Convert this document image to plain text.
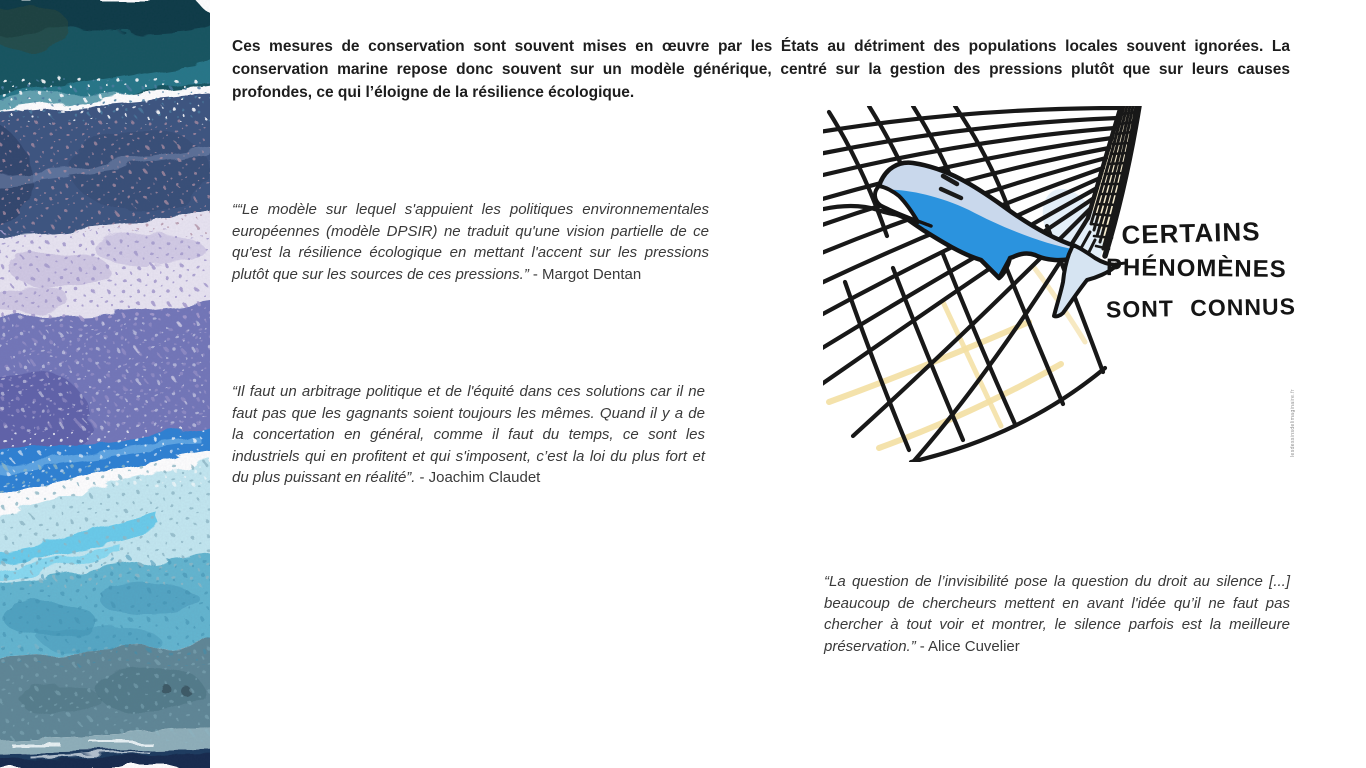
Ces mesures de conservation sont souvent mises en œuvre par les États au détriment des populations locales souvent ignorées. La conservation marine repose donc souvent sur un modèle générique, centré sur la gestion des pressions plutôt que sur leurs causes profondes, ce qui l’éloigne de la résilience écologique.

““Le modèle sur lequel s'appuient les politiques environnementales européennes (modèle DPSIR) ne traduit qu'une vision partielle de ce qu'est la résilience écologique en mettant l'accent sur les pressions plutôt que sur les sources de ces pressions.” - Margot Dentan

“Il faut un arbitrage politique et de l'équité dans ces solutions car il ne faut pas que les gagnants soient toujours les mêmes. Quand il y a de la concertation en général, comme il faut du temps, ce sont les industriels qui en profitent et qui s'imposent, c’est la loi du plus fort et du plus puissant en réalité”. - Joachim Claudet

“La question de l’invisibilité pose la question du droit au silence [...] beaucoup de chercheurs mettent en avant l'idée qu’il ne faut pas chercher à tout voir et montrer, le silence parfois est la meilleure préservation.” - Alice Cuvelier

CERTAINS
PHÉNOMÈNES
SONT CONNUS
lesdessinsdelimaginaire.fr
